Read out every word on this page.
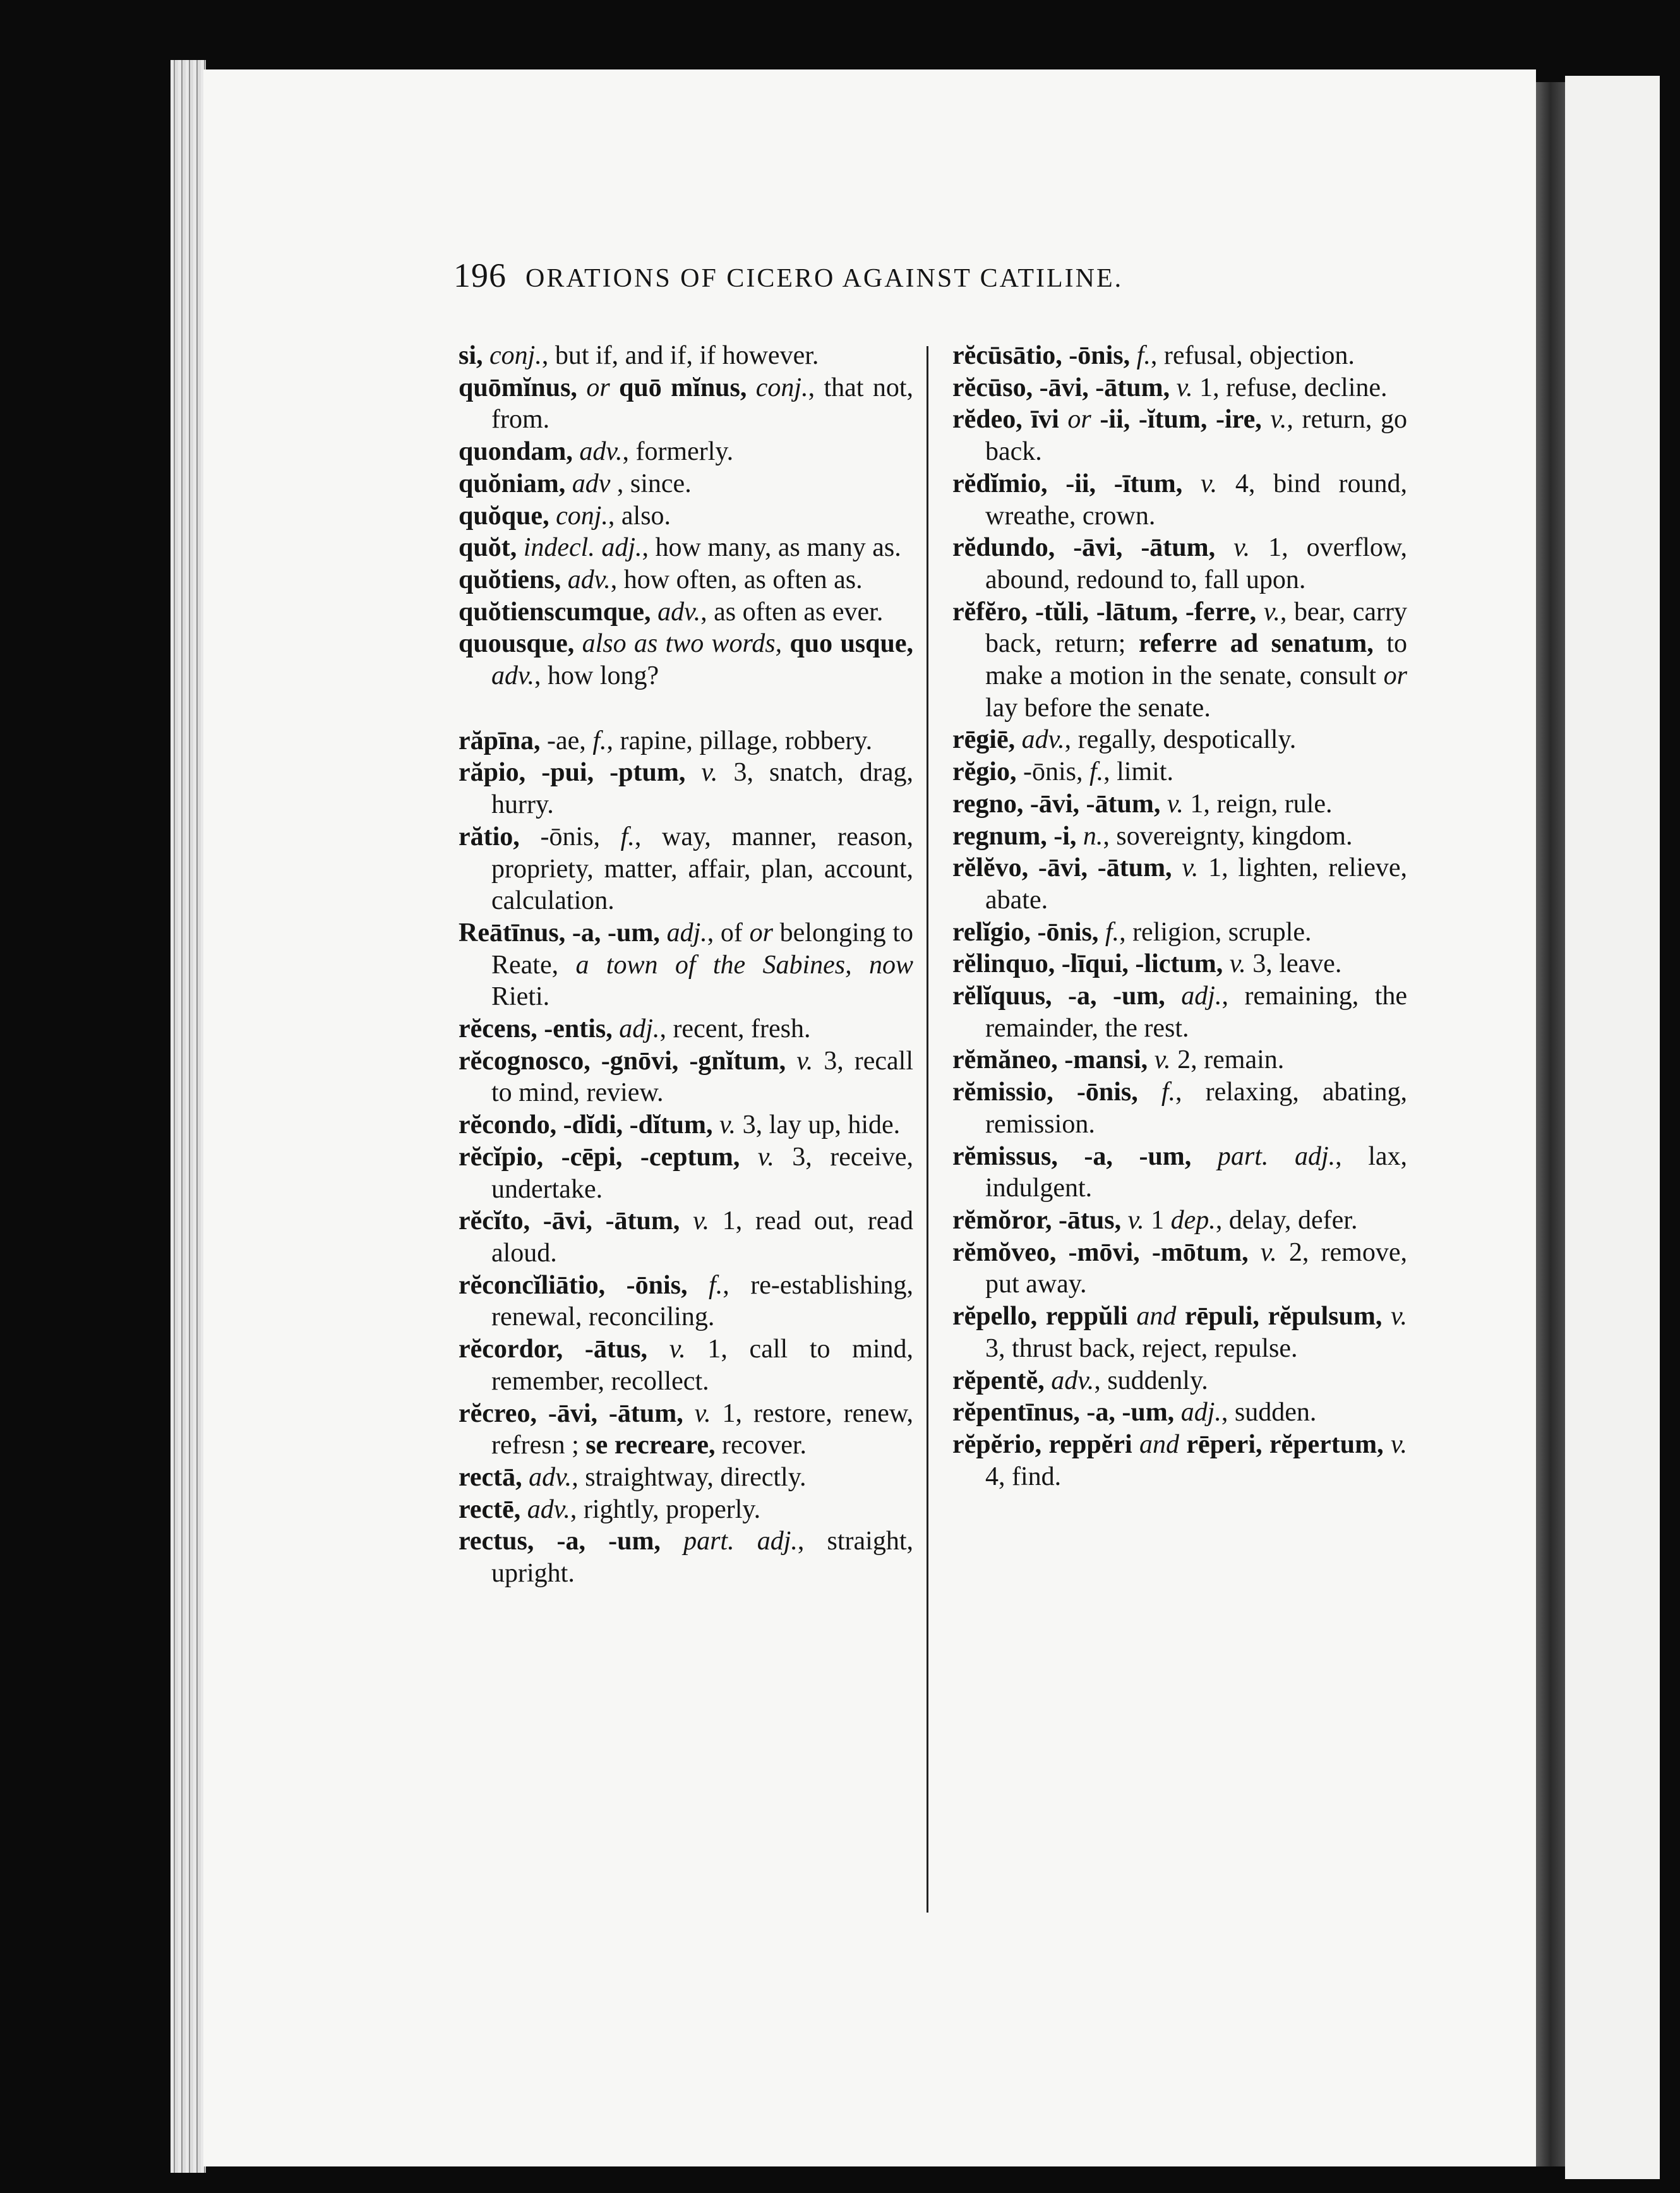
196 ORATIONS OF CICERO AGAINST CATILINE.
si, conj., but if, and if, if however.
quōmĭnus, or quō mĭnus, conj., that not, from.
quondam, adv., formerly.
quŏniam, adv , since.
quŏque, conj., also.
quŏt, indecl. adj., how many, as many as.
quŏtiens, adv., how often, as often as.
quŏtienscumque, adv., as often as ever.
quousque, also as two words, quo usque, adv., how long?
răpīna, -ae, f., rapine, pillage, robbery.
răpio, -pui, -ptum, v. 3, snatch, drag, hurry.
rătio, -ōnis, f., way, manner, reason, propriety, matter, affair, plan, account, calculation.
Reātīnus, -a, -um, adj., of or belonging to Reate, a town of the Sabines, now Rieti.
rĕcens, -entis, adj., recent, fresh.
rĕcognosco, -gnōvi, -gnĭtum, v. 3, recall to mind, review.
rĕcondo, -dĭdi, -dĭtum, v. 3, lay up, hide.
rĕcĭpio, -cēpi, -ceptum, v. 3, receive, undertake.
rĕcĭto, -āvi, -ātum, v. 1, read out, read aloud.
rĕconcĭliātio, -ōnis, f., re-establishing, renewal, reconciling.
rĕcordor, -ātus, v. 1, call to mind, remember, recollect.
rĕcreo, -āvi, -ātum, v. 1, restore, renew, refresn ; se recreare, recover.
rectā, adv., straightway, directly.
rectē, adv., rightly, properly.
rectus, -a, -um, part. adj., straight, upright.
rĕcūsātio, -ōnis, f., refusal, objection.
rĕcūso, -āvi, -ātum, v. 1, refuse, decline.
rĕdeo, īvi or -ii, -ĭtum, -ire, v., return, go back.
rĕdĭmio, -ii, -ītum, v. 4, bind round, wreathe, crown.
rĕdundo, -āvi, -ātum, v. 1, overflow, abound, redound to, fall upon.
rĕfĕro, -tŭli, -lātum, -ferre, v., bear, carry back, return; referre ad senatum, to make a motion in the senate, consult or lay before the senate.
rēgiē, adv., regally, despotically.
rĕgio, -ōnis, f., limit.
regno, -āvi, -ātum, v. 1, reign, rule.
regnum, -i, n., sovereignty, kingdom.
rĕlĕvo, -āvi, -ātum, v. 1, lighten, relieve, abate.
relĭgio, -ōnis, f., religion, scruple.
rĕlinquo, -līqui, -lictum, v. 3, leave.
rĕlĭquus, -a, -um, adj., remaining, the remainder, the rest.
rĕmăneo, -mansi, v. 2, remain.
rĕmissio, -ōnis, f., relaxing, abating, remission.
rĕmissus, -a, -um, part. adj., lax, indulgent.
rĕmŏror, -ātus, v. 1 dep., delay, defer.
rĕmŏveo, -mōvi, -mōtum, v. 2, remove, put away.
rĕpello, reppŭli and rēpuli, rĕpulsum, v. 3, thrust back, reject, repulse.
rĕpentĕ, adv., suddenly.
rĕpentīnus, -a, -um, adj., sudden.
rĕpĕrio, reppĕri and rēperi, rĕpertum, v. 4, find.
